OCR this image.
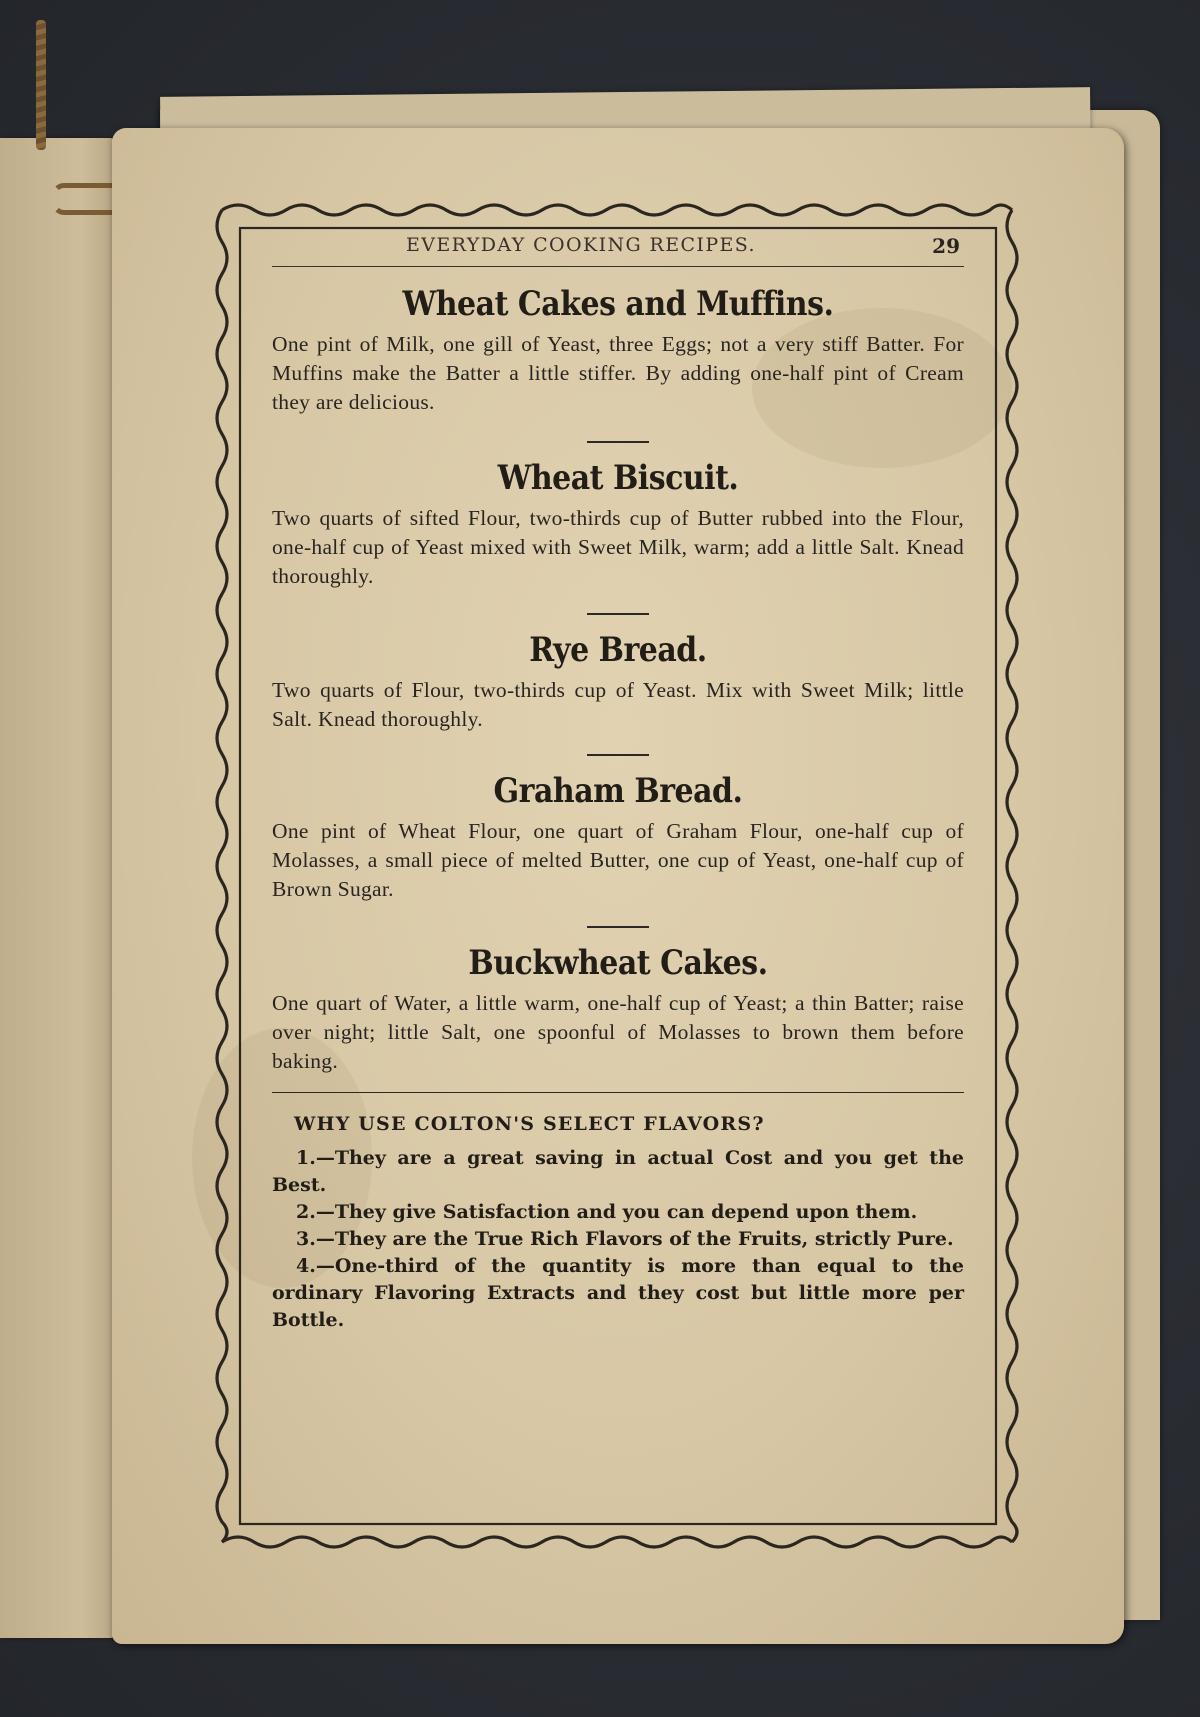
EVERYDAY COOKING RECIPES.	29
Wheat Cakes and Muffins.

One pint of Milk, one gill of Yeast, three Eggs; not a very stiff Batter. For Muffins make the Batter a little stiffer. By adding one-half pint of Cream they are delicious.

Wheat Biscuit.

Two quarts of sifted Flour, two-thirds cup of Butter rubbed into the Flour, one-half cup of Yeast mixed with Sweet Milk, warm; add a little Salt. Knead thoroughly.

Rye Bread.

Two quarts of Flour, two-thirds cup of Yeast. Mix with Sweet Milk; little Salt. Knead thoroughly.

Graham Bread.

One pint of Wheat Flour, one quart of Graham Flour, one-half cup of Molasses, a small piece of melted Butter, one cup of Yeast, one-half cup of Brown Sugar.

Buckwheat Cakes.

One quart of Water, a little warm, one-half cup of Yeast; a thin Batter; raise over night; little Salt, one spoonful of Molasses to brown them before baking.

WHY USE COLTON'S SELECT FLAVORS?

1.—They are a great saving in actual Cost and you get the Best.

2.—They give Satisfaction and you can depend upon them.

3.—They are the True Rich Flavors of the Fruits, strictly Pure.

4.—One-third of the quantity is more than equal to the ordinary Flavoring Extracts and they cost but little more per Bottle.
